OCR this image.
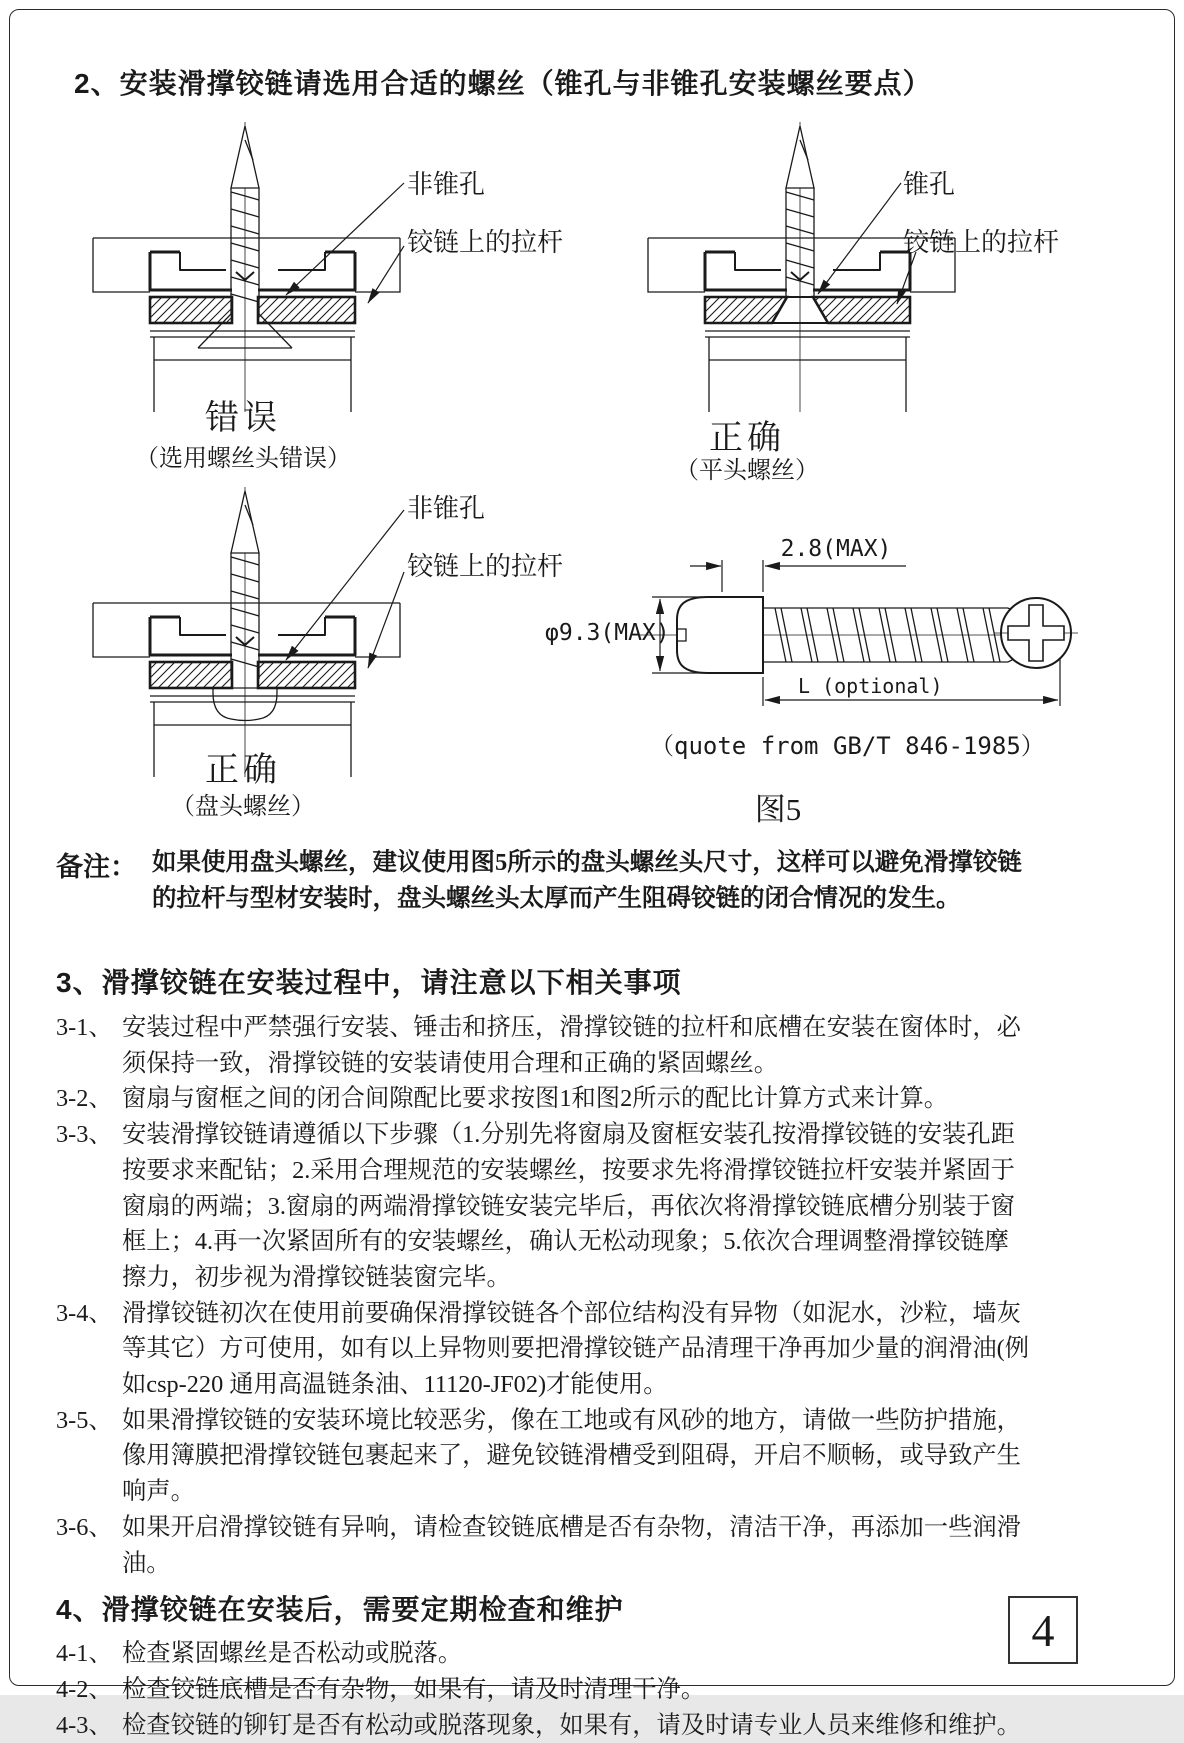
2、安装滑撑铰链请选用合适的螺丝（锥孔与非锥孔安装螺丝要点）
非锥孔
铰链上的拉杆
错误
（选用螺丝头错误）
锥孔
铰链上的拉杆
正确
（平头螺丝）
非锥孔
铰链上的拉杆
正确
（盘头螺丝）
2.8(MAX)
φ9.3(MAX)
L (optional)
（quote from GB/T 846-1985）
图5
备注： 如果使用盘头螺丝，建议使用图5所示的盘头螺丝头尺寸，这样可以避免滑撑铰链的拉杆与型材安装时，盘头螺丝头太厚而产生阻碍铰链的闭合情况的发生。
3、滑撑铰链在安装过程中，请注意以下相关事项
3-1、 安装过程中严禁强行安装、锤击和挤压，滑撑铰链的拉杆和底槽在安装在窗体时，必须保持一致，滑撑铰链的安装请使用合理和正确的紧固螺丝。
3-2、 窗扇与窗框之间的闭合间隙配比要求按图1和图2所示的配比计算方式来计算。
3-3、 安装滑撑铰链请遵循以下步骤（1.分别先将窗扇及窗框安装孔按滑撑铰链的安装孔距按要求来配钻；2.采用合理规范的安装螺丝，按要求先将滑撑铰链拉杆安装并紧固于窗扇的两端；3.窗扇的两端滑撑铰链安装完毕后，再依次将滑撑铰链底槽分别装于窗框上；4.再一次紧固所有的安装螺丝，确认无松动现象；5.依次合理调整滑撑铰链摩擦力，初步视为滑撑铰链装窗完毕。
3-4、 滑撑铰链初次在使用前要确保滑撑铰链各个部位结构没有异物（如泥水，沙粒，墙灰等其它）方可使用，如有以上异物则要把滑撑铰链产品清理干净再加少量的润滑油(例如csp-220 通用高温链条油、11120-JF02)才能使用。
3-5、 如果滑撑铰链的安装环境比较恶劣，像在工地或有风砂的地方，请做一些防护措施，像用簿膜把滑撑铰链包裹起来了，避免铰链滑槽受到阻碍，开启不顺畅，或导致产生响声。
3-6、 如果开启滑撑铰链有异响，请检查铰链底槽是否有杂物，清洁干净，再添加一些润滑油。
4、滑撑铰链在安装后，需要定期检查和维护
4-1、 检查紧固螺丝是否松动或脱落。
4-2、 检查铰链底槽是否有杂物，如果有，请及时清理干净。
4-3、 检查铰链的铆钉是否有松动或脱落现象，如果有，请及时请专业人员来维修和维护。
4
